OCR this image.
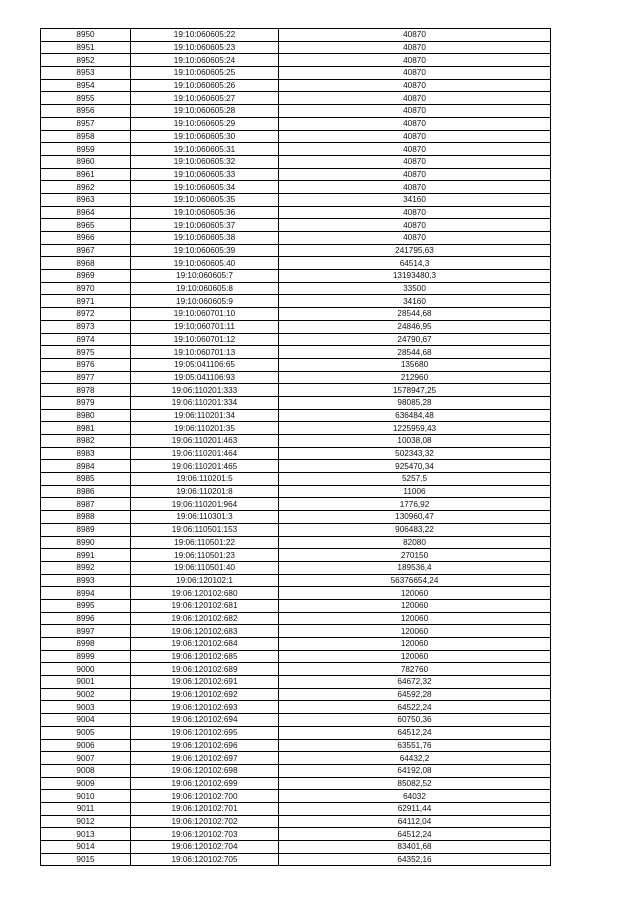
8950	19:10:060605:22	40870
8951	19:10:060605:23	40870
8952	19:10:060605:24	40870
8953	19:10:060605:25	40870
8954	19:10:060605:26	40870
8955	19:10:060605:27	40870
8956	19:10:060605:28	40870
8957	19:10:060605:29	40870
8958	19:10:060605:30	40870
8959	19:10:060605:31	40870
8960	19:10:060605:32	40870
8961	19:10:060605:33	40870
8962	19:10:060605:34	40870
8963	19:10:060605:35	34160
8964	19:10:060605:36	40870
8965	19:10:060605:37	40870
8966	19:10:060605:38	40870
8967	19:10:060605:39	241795,63
8968	19:10:060605:40	64514,3
8969	19:10:060605:7	13193480,3
8970	19:10:060605:8	33500
8971	19:10:060605:9	34160
8972	19:10:060701:10	28544,68
8973	19:10:060701:11	24846,95
8974	19:10:060701:12	24790,67
8975	19:10:060701:13	28544,68
8976	19:05:041106:65	135680
8977	19:05:041106:93	212960
8978	19:06:110201:333	1578947,25
8979	19:06:110201:334	98085,28
8980	19:06:110201:34	636484,48
8981	19:06:110201:35	1225959,43
8982	19:06:110201:463	10038,08
8983	19:06:110201:464	502343,32
8984	19:06:110201:465	925470,34
8985	19:06:110201:5	5257,5
8986	19:06:110201:8	11006
8987	19:06:110201:964	1776,92
8988	19:06:110301:3	130960,47
8989	19:06:110501:153	906483,22
8990	19:06:110501:22	82080
8991	19:06:110501:23	270150
8992	19:06:110501:40	189536,4
8993	19:06:120102:1	56376654,24
8994	19:06:120102:680	120060
8995	19:06:120102:681	120060
8996	19:06:120102:682	120060
8997	19:06:120102:683	120060
8998	19:06:120102:684	120060
8999	19:06:120102:685	120060
9000	19:06:120102:689	782760
9001	19:06:120102:691	64672,32
9002	19:06:120102:692	64592,28
9003	19:06:120102:693	64522,24
9004	19:06:120102:694	60750,36
9005	19:06:120102:695	64512,24
9006	19:06:120102:696	63551,76
9007	19:06:120102:697	64432,2
9008	19:06:120102:698	64192,08
9009	19:06:120102:699	85082,52
9010	19:06:120102:700	64032
9011	19:06:120102:701	62911,44
9012	19:06:120102:702	64112,04
9013	19:06:120102:703	64512,24
9014	19:06:120102:704	83401,68
9015	19:06:120102:705	64352,16
